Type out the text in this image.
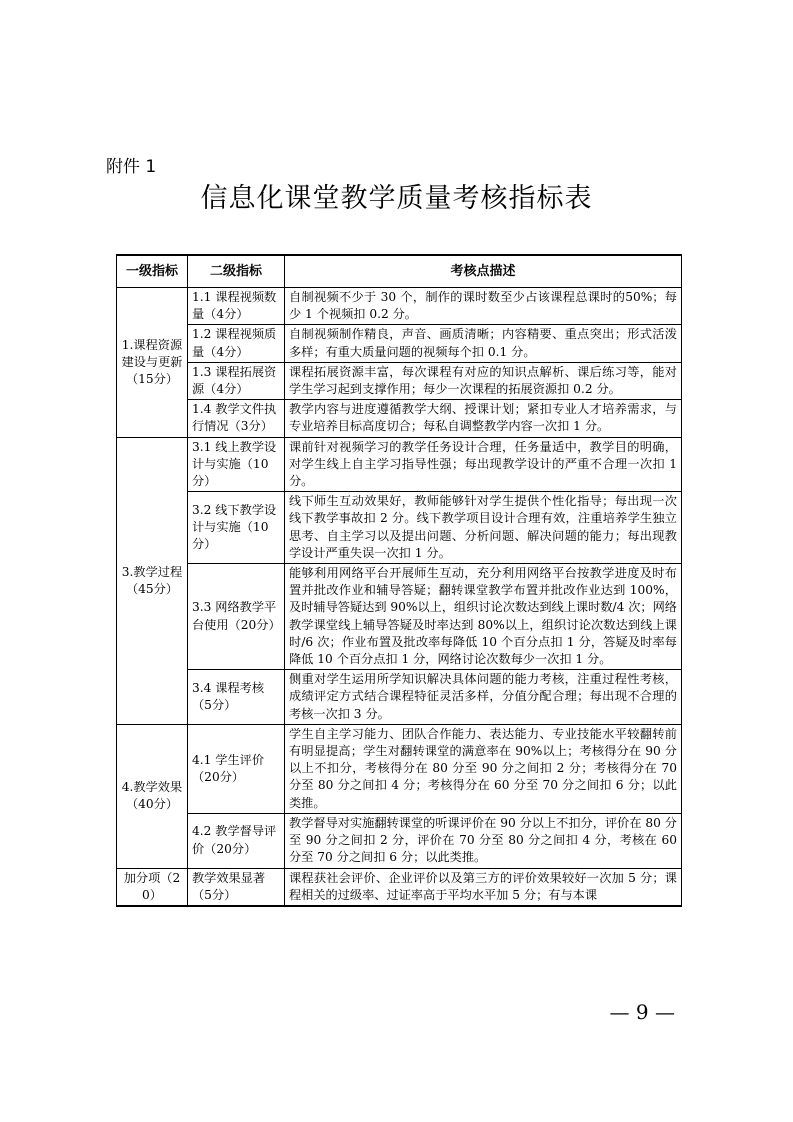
附件 1
信息化课堂教学质量考核指标表
一级指标	二级指标	考核点描述
1.课程资源建设与更新（15分）	1.1 课程视频数量（4分）	自制视频不少于 30 个，制作的课时数至少占该课程总课时的50%；每少 1 个视频扣 0.2 分。
	1.2 课程视频质量（4分）	自制视频制作精良，声音、画质清晰；内容精要、重点突出；形式活泼多样；有重大质量问题的视频每个扣 0.1 分。
	1.3 课程拓展资源（4分）	课程拓展资源丰富，每次课程有对应的知识点解析、课后练习等，能对学生学习起到支撑作用；每少一次课程的拓展资源扣 0.2 分。
	1.4 教学文件执行情况（3分）	教学内容与进度遵循教学大纲、授课计划；紧扣专业人才培养需求，与专业培养目标高度切合；每私自调整教学内容一次扣 1 分。
3.教学过程（45分）	3.1 线上教学设计与实施（10分）	课前针对视频学习的教学任务设计合理，任务量适中，教学目的明确，对学生线上自主学习指导性强；每出现教学设计的严重不合理一次扣 1 分。
	3.2 线下教学设计与实施（10分）	线下师生互动效果好，教师能够针对学生提供个性化指导；每出现一次线下教学事故扣 2 分。线下教学项目设计合理有效，注重培养学生独立思考、自主学习以及提出问题、分析问题、解决问题的能力；每出现教学设计严重失误一次扣 1 分。
	3.3 网络教学平台使用（20分）	能够利用网络平台开展师生互动，充分利用网络平台按教学进度及时布置并批改作业和辅导答疑；翻转课堂教学布置并批改作业达到 100%，及时辅导答疑达到 90%以上，组织讨论次数达到线上课时数/4 次；网络教学课堂线上辅导答疑及时率达到 80%以上，组织讨论次数达到线上课时/6 次；作业布置及批改率每降低 10 个百分点扣 1 分，答疑及时率每降低 10 个百分点扣 1 分，网络讨论次数每少一次扣 1 分。
	3.4 课程考核（5分）	侧重对学生运用所学知识解决具体问题的能力考核，注重过程性考核，成绩评定方式结合课程特征灵活多样，分值分配合理；每出现不合理的考核一次扣 3 分。
4.教学效果（40分）	4.1 学生评价（20分）	学生自主学习能力、团队合作能力、表达能力、专业技能水平较翻转前有明显提高；学生对翻转课堂的满意率在 90%以上；考核得分在 90 分以上不扣分，考核得分在 80 分至 90 分之间扣 2 分；考核得分在 70 分至 80 分之间扣 4 分；考核得分在 60 分至 70 分之间扣 6 分；以此类推。
	4.2 教学督导评价（20分）	教学督导对实施翻转课堂的听课评价在 90 分以上不扣分，评价在 80 分至 90 分之间扣 2 分，评价在 70 分至 80 分之间扣 4 分，考核在 60 分至 70 分之间扣 6 分；以此类推。
加分项（20）	教学效果显著（5分）	课程获社会评价、企业评价以及第三方的评价效果较好一次加 5 分；课程相关的过级率、过证率高于平均水平加 5 分；有与本课
— 9 —
